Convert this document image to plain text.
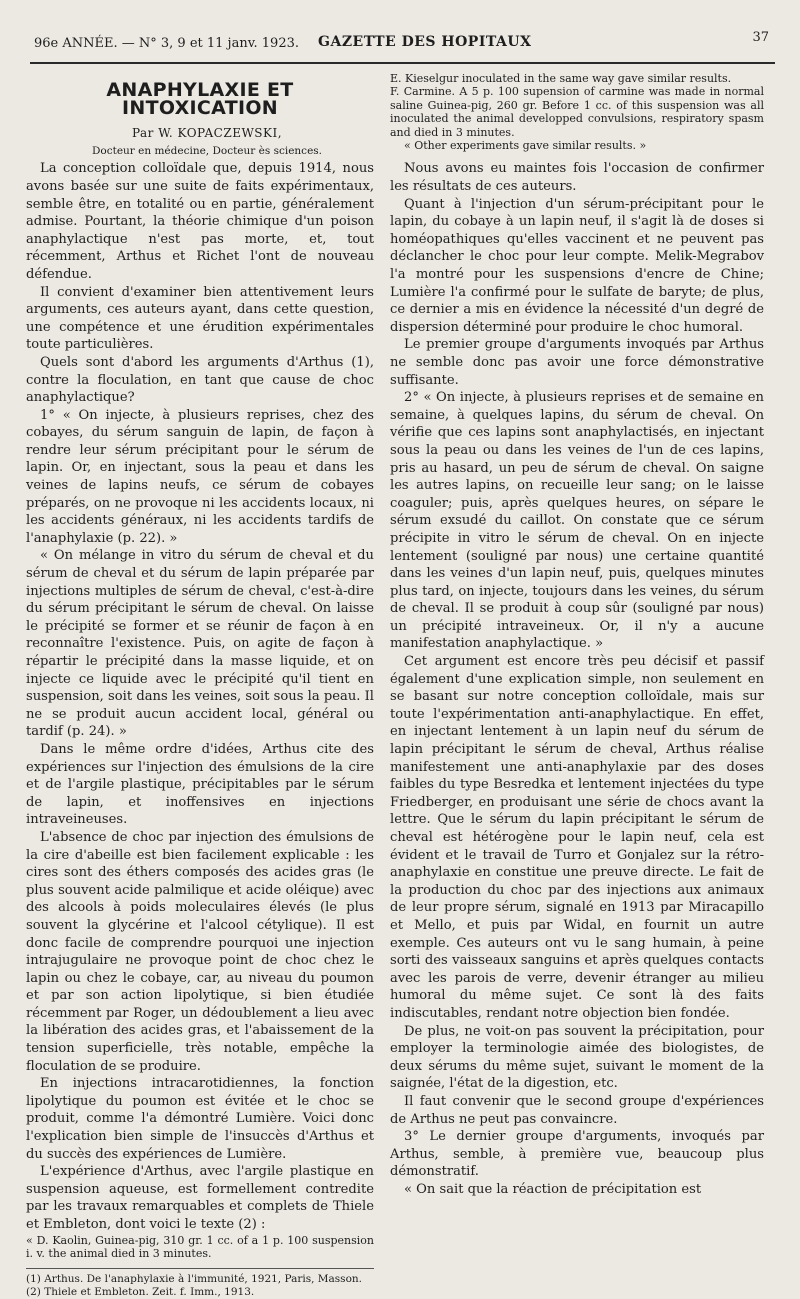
96e ANNÉE. — N° 3, 9 et 11 janv. 1923. GAZETTE DES HOPITAUX	37
ANAPHYLAXIE ET INTOXICATION

Par W. KOPACZEWSKI,

Docteur en médecine, Docteur ès sciences.

La conception colloïdale que, depuis 1914, nous avons basée sur une suite de faits expérimentaux, semble être, en totalité ou en partie, généralement admise. Pourtant, la théorie chimique d'un poison anaphylactique n'est pas morte, et, tout récemment, Arthus et Richet l'ont de nouveau défendue.

Il convient d'examiner bien attentivement leurs arguments, ces auteurs ayant, dans cette question, une compétence et une érudition expérimentales toute particulières.

Quels sont d'abord les arguments d'Arthus (1), contre la floculation, en tant que cause de choc anaphylactique?

1° « On injecte, à plusieurs reprises, chez des cobayes, du sérum sanguin de lapin, de façon à rendre leur sérum précipitant pour le sérum de lapin. Or, en injectant, sous la peau et dans les veines de lapins neufs, ce sérum de cobayes préparés, on ne provoque ni les accidents locaux, ni les accidents généraux, ni les accidents tardifs de l'anaphylaxie (p. 22). »

« On mélange in vitro du sérum de cheval et du sérum de cheval et du sérum de lapin préparée par injections multiples de sérum de cheval, c'est-à-dire du sérum précipitant le sérum de cheval. On laisse le précipité se former et se réunir de façon à en reconnaître l'existence. Puis, on agite de façon à répartir le précipité dans la masse liquide, et on injecte ce liquide avec le précipité qu'il tient en suspension, soit dans les veines, soit sous la peau. Il ne se produit aucun accident local, général ou tardif (p. 24). »

Dans le même ordre d'idées, Arthus cite des expériences sur l'injection des émulsions de la cire et de l'argile plastique, précipitables par le sérum de lapin, et inoffensives en injections intraveineuses.

L'absence de choc par injection des émulsions de la cire d'abeille est bien facilement explicable : les cires sont des éthers composés des acides gras (le plus souvent acide palmilique et acide oléique) avec des alcools à poids moleculaires élevés (le plus souvent la glycérine et l'alcool cétylique). Il est donc facile de comprendre pourquoi une injection intrajugulaire ne provoque point de choc chez le lapin ou chez le cobaye, car, au niveau du poumon et par son action lipolytique, si bien étudiée récemment par Roger, un dédoublement a lieu avec la libération des acides gras, et l'abaissement de la tension superficielle, très notable, empêche la floculation de se produire.

En injections intracarotidiennes, la fonction lipolytique du poumon est évitée et le choc se produit, comme l'a démontré Lumière. Voici donc l'explication bien simple de l'insuccès d'Arthus et du succès des expériences de Lumière.

L'expérience d'Arthus, avec l'argile plastique en suspension aqueuse, est formellement contredite par les travaux remarquables et complets de Thiele et Embleton, dont voici le texte (2) :

« D. Kaolin, Guinea-pig, 310 gr. 1 cc. of a 1 p. 100 suspension i. v. the animal died in 3 minutes.

(1) Arthus. De l'anaphylaxie à l'immunité, 1921, Paris, Masson.

(2) Thiele et Embleton. Zeit. f. Imm., 1913.

E. Kieselgur inoculated in the same way gave similar results.

F. Carmine. A 5 p. 100 supension of carmine was made in normal saline Guinea-pig, 260 gr. Before 1 cc. of this suspension was all inoculated the animal developped convulsions, respiratory spasm and died in 3 minutes.

« Other experiments gave similar results. »

Nous avons eu maintes fois l'occasion de confirmer les résultats de ces auteurs.

Quant à l'injection d'un sérum-précipitant pour le lapin, du cobaye à un lapin neuf, il s'agit là de doses si homéopathiques qu'elles vaccinent et ne peuvent pas déclancher le choc pour leur compte. Melik-Megrabov l'a montré pour les suspensions d'encre de Chine; Lumière l'a confirmé pour le sulfate de baryte; de plus, ce dernier a mis en évidence la nécessité d'un degré de dispersion déterminé pour produire le choc humoral.

Le premier groupe d'arguments invoqués par Arthus ne semble donc pas avoir une force démonstrative suffisante.

2° « On injecte, à plusieurs reprises et de semaine en semaine, à quelques lapins, du sérum de cheval. On vérifie que ces lapins sont anaphylactisés, en injectant sous la peau ou dans les veines de l'un de ces lapins, pris au hasard, un peu de sérum de cheval. On saigne les autres lapins, on recueille leur sang; on le laisse coaguler; puis, après quelques heures, on sépare le sérum exsudé du caillot. On constate que ce sérum précipite in vitro le sérum de cheval. On en injecte lentement (souligné par nous) une certaine quantité dans les veines d'un lapin neuf, puis, quelques minutes plus tard, on injecte, toujours dans les veines, du sérum de cheval. Il se produit à coup sûr (souligné par nous) un précipité intraveineux. Or, il n'y a aucune manifestation anaphylactique. »

Cet argument est encore très peu décisif et passif également d'une explication simple, non seulement en se basant sur notre conception colloïdale, mais sur toute l'expérimentation anti-anaphylactique. En effet, en injectant lentement à un lapin neuf du sérum de lapin précipitant le sérum de cheval, Arthus réalise manifestement une anti-anaphylaxie par des doses faibles du type Besredka et lentement injectées du type Friedberger, en produisant une série de chocs avant la lettre. Que le sérum du lapin précipitant le sérum de cheval est hétérogène pour le lapin neuf, cela est évident et le travail de Turro et Gonjalez sur la rétro-anaphylaxie en constitue une preuve directe. Le fait de la production du choc par des injections aux animaux de leur propre sérum, signalé en 1913 par Miracapillo et Mello, et puis par Widal, en fournit un autre exemple. Ces auteurs ont vu le sang humain, à peine sorti des vaisseaux sanguins et après quelques contacts avec les parois de verre, devenir étranger au milieu humoral du même sujet. Ce sont là des faits indiscutables, rendant notre objection bien fondée.

De plus, ne voit-on pas souvent la précipitation, pour employer la terminologie aimée des biologistes, de deux sérums du même sujet, suivant le moment de la saignée, l'état de la digestion, etc.

Il faut convenir que le second groupe d'expériences de Arthus ne peut pas convaincre.

3° Le dernier groupe d'arguments, invoqués par Arthus, semble, à première vue, beaucoup plus démonstratif.

« On sait que la réaction de précipitation est
